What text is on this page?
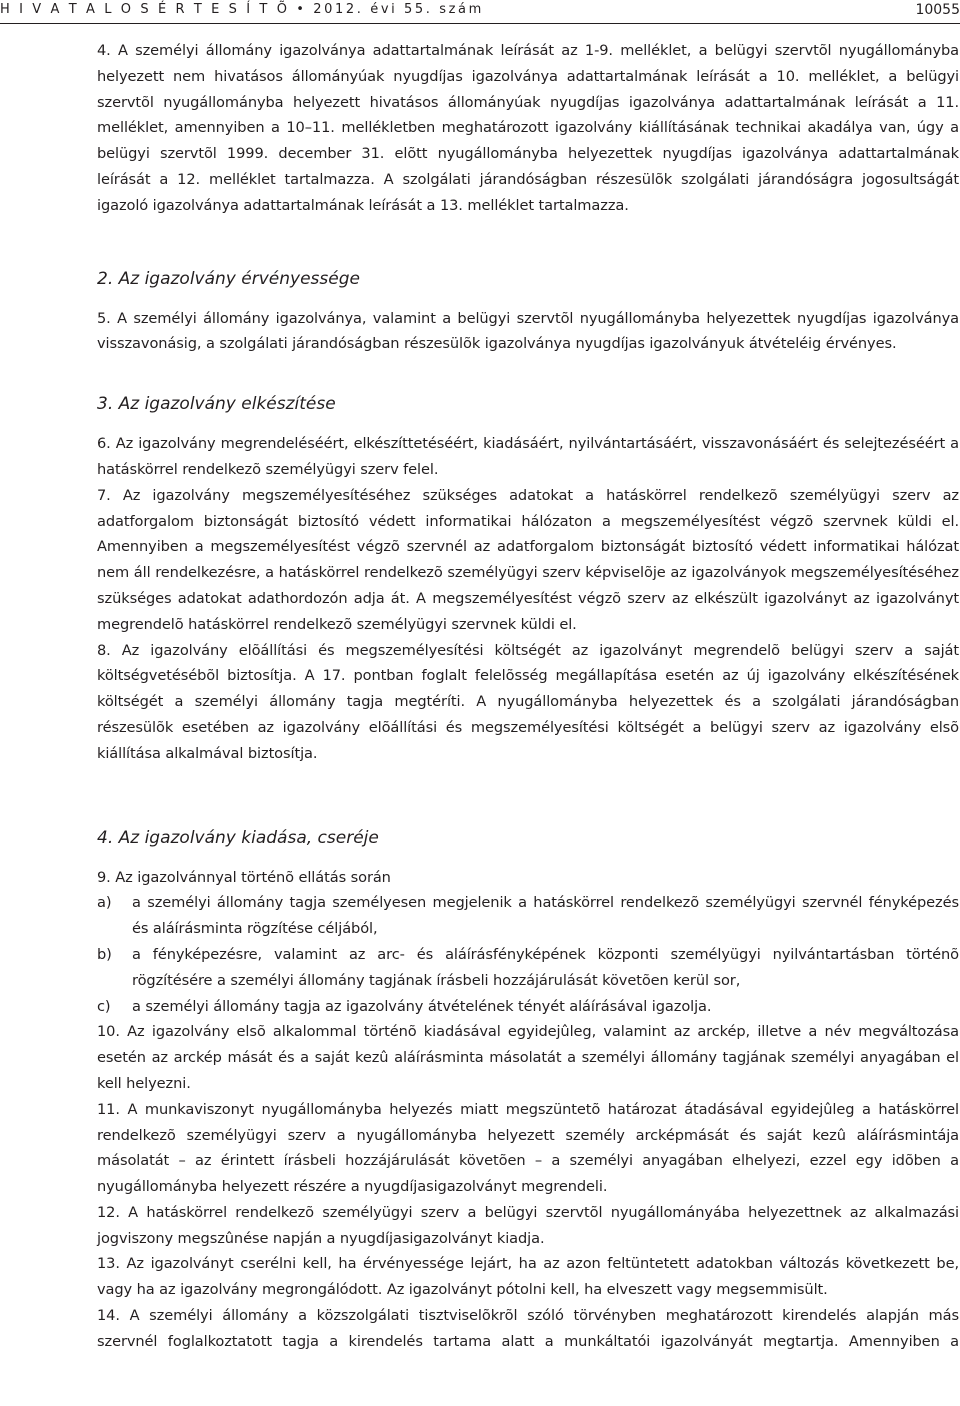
H I V A T A L O S É R T E S Í T Õ • 2012. évi 55. szám	10055

4. A személyi állomány igazolványa adattartalmának leírását az 1-9. melléklet, a belügyi szervtõl nyugállományba helyezett nem hivatásos állományúak nyugdíjas igazolványa adattartalmának leírását a 10. melléklet, a belügyi szervtõl nyugállományba helyezett hivatásos állományúak nyugdíjas igazolványa adattartalmának leírását a 11. melléklet, amennyiben a 10–11. mellékletben meghatározott igazolvány kiállításának technikai akadálya van, úgy a belügyi szervtõl 1999. december 31. elõtt nyugállományba helyezettek nyugdíjas igazolványa adattartalmának leírását a 12. melléklet tartalmazza. A szolgálati járandóságban részesülõk szolgálati járandóságra jogosultságát igazoló igazolványa adattartalmának leírását a 13. melléklet tartalmazza.

2. Az igazolvány érvényessége

5. A személyi állomány igazolványa, valamint a belügyi szervtõl nyugállományba helyezettek nyugdíjas igazolványa visszavonásig, a szolgálati járandóságban részesülõk igazolványa nyugdíjas igazolványuk átvételéig érvényes.

3. Az igazolvány elkészítése

6. Az igazolvány megrendeléséért, elkészíttetéséért, kiadásáért, nyilvántartásáért, visszavonásáért és selejtezéséért a hatáskörrel rendelkezõ személyügyi szerv felel.

7. Az igazolvány megszemélyesítéséhez szükséges adatokat a hatáskörrel rendelkezõ személyügyi szerv az adatforgalom biztonságát biztosító védett informatikai hálózaton a megszemélyesítést végzõ szervnek küldi el. Amennyiben a megszemélyesítést végzõ szervnél az adatforgalom biztonságát biztosító védett informatikai hálózat nem áll rendelkezésre, a hatáskörrel rendelkezõ személyügyi szerv képviselõje az igazolványok megszemélyesítéséhez szükséges adatokat adathordozón adja át. A megszemélyesítést végzõ szerv az elkészült igazolványt az igazolványt megrendelõ hatáskörrel rendelkezõ személyügyi szervnek küldi el.

8. Az igazolvány elõállítási és megszemélyesítési költségét az igazolványt megrendelõ belügyi szerv a saját költségvetésébõl biztosítja. A 17. pontban foglalt felelõsség megállapítása esetén az új igazolvány elkészítésének költségét a személyi állomány tagja megtéríti. A nyugállományba helyezettek és a szolgálati járandóságban részesülõk esetében az igazolvány elõállítási és megszemélyesítési költségét a belügyi szerv az igazolvány elsõ kiállítása alkalmával biztosítja.

4. Az igazolvány kiadása, cseréje

9. Az igazolvánnyal történõ ellátás során

a) a személyi állomány tagja személyesen megjelenik a hatáskörrel rendelkezõ személyügyi szervnél fényképezés és aláírásminta rögzítése céljából,

b) a fényképezésre, valamint az arc- és aláírásfényképének központi személyügyi nyilvántartásban történõ rögzítésére a személyi állomány tagjának írásbeli hozzájárulását követõen kerül sor,

c) a személyi állomány tagja az igazolvány átvételének tényét aláírásával igazolja.

10. Az igazolvány elsõ alkalommal történõ kiadásával egyidejûleg, valamint az arckép, illetve a név megváltozása esetén az arckép mását és a saját kezû aláírásminta másolatát a személyi állomány tagjának személyi anyagában el kell helyezni.

11. A munkaviszonyt nyugállományba helyezés miatt megszüntetõ határozat átadásával egyidejûleg a hatáskörrel rendelkezõ személyügyi szerv a nyugállományba helyezett személy arcképmását és saját kezû aláírásmintája másolatát – az érintett írásbeli hozzájárulását követõen – a személyi anyagában elhelyezi, ezzel egy idõben a nyugállományba helyezett részére a nyugdíjasigazolványt megrendeli.

12. A hatáskörrel rendelkezõ személyügyi szerv a belügyi szervtõl nyugállományába helyezettnek az alkalmazási jogviszony megszûnése napján a nyugdíjasigazolványt kiadja.

13. Az igazolványt cserélni kell, ha érvényessége lejárt, ha az azon feltüntetett adatokban változás következett be, vagy ha az igazolvány megrongálódott. Az igazolványt pótolni kell, ha elveszett vagy megsemmisült.

14. A személyi állomány a közszolgálati tisztviselõkrõl szóló törvényben meghatározott kirendelés alapján más szervnél foglalkoztatott tagja a kirendelés tartama alatt a munkáltatói igazolványát megtartja. Amennyiben a
